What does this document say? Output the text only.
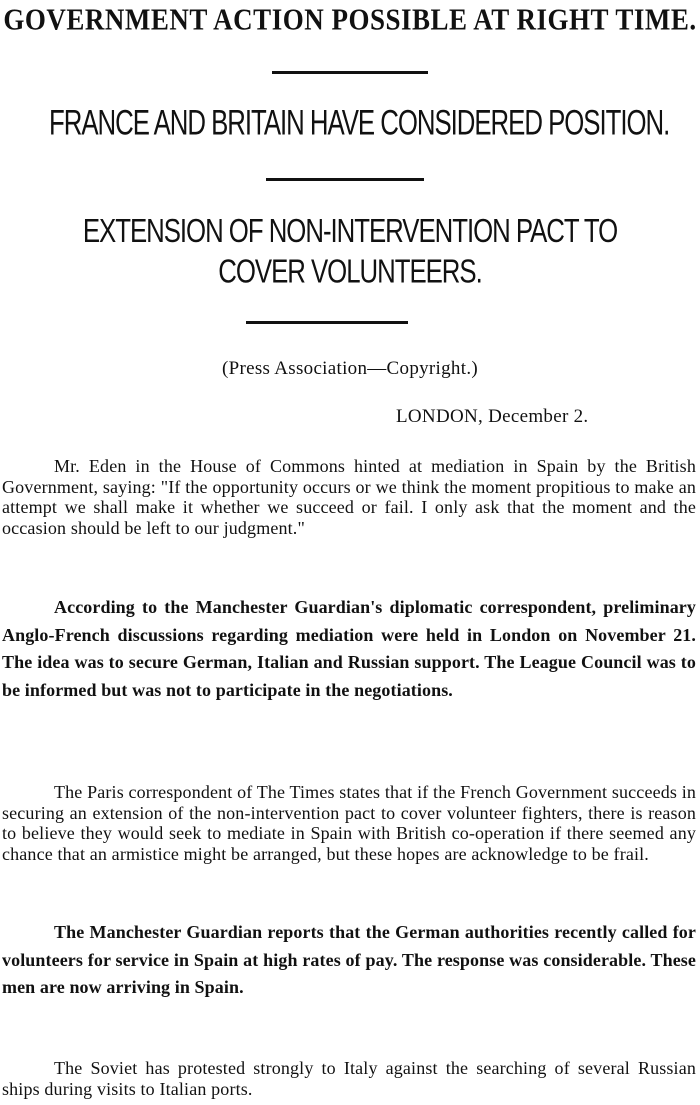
GOVERNMENT ACTION POSSIBLE AT RIGHT TIME.
FRANCE AND BRITAIN HAVE CONSIDERED POSITION.
EXTENSION OF NON-INTERVENTION PACT TO COVER VOLUNTEERS.
(Press Association—Copyright.)
LONDON, December 2.
Mr. Eden in the House of Commons hinted at mediation in Spain by the British Government, saying: "If the opportunity occurs or we think the moment propitious to make an attempt we shall make it whether we succeed or fail. I only ask that the moment and the occasion should be left to our judgment."
According to the Manchester Guardian's diplomatic correspondent, preliminary Anglo-French discussions regarding mediation were held in London on November 21. The idea was to secure German, Italian and Russian support. The League Council was to be informed but was not to participate in the negotiations.
The Paris correspondent of The Times states that if the French Government succeeds in securing an extension of the non-intervention pact to cover volunteer fighters, there is reason to believe they would seek to mediate in Spain with British co-operation if there seemed any chance that an armistice might be arranged, but these hopes are acknowledge to be frail.
The Manchester Guardian reports that the German authorities recently called for volunteers for service in Spain at high rates of pay. The response was considerable. These men are now arriving in Spain.
The Soviet has protested strongly to Italy against the searching of several Russian ships during visits to Italian ports.
